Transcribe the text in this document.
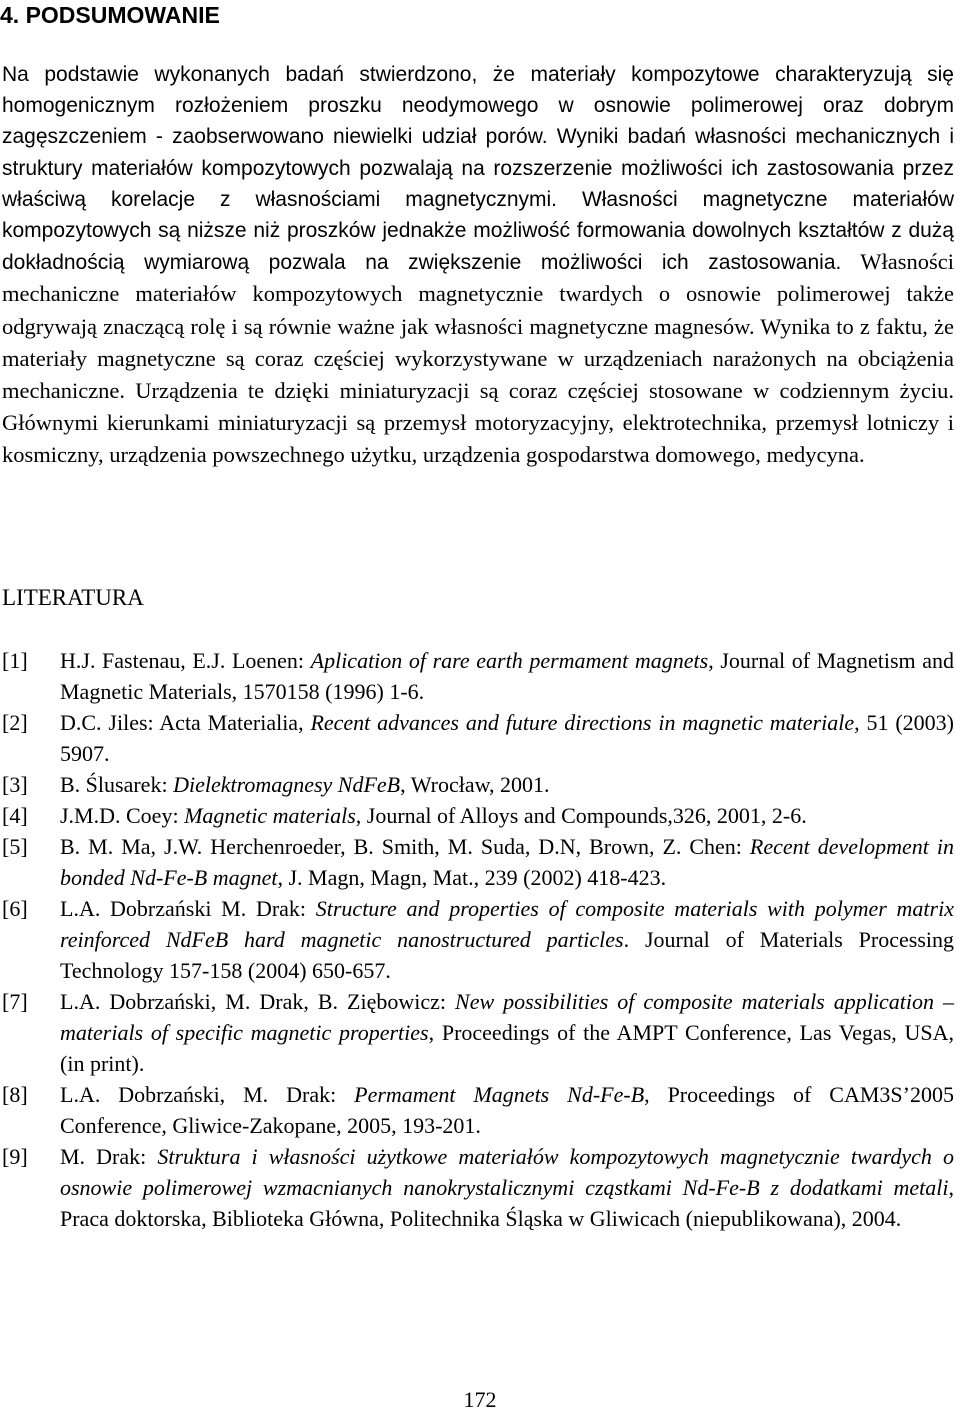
4. PODSUMOWANIE

Na podstawie wykonanych badań stwierdzono, że materiały kompozytowe charakteryzują się homogenicznym rozłożeniem proszku neodymowego w osnowie polimerowej oraz dobrym zagęszczeniem - zaobserwowano niewielki udział porów. Wyniki badań własności mechanicznych i struktury materiałów kompozytowych pozwalają na rozszerzenie możliwości ich zastosowania przez właściwą korelacje z własnościami magnetycznymi. Własności magnetyczne materiałów kompozytowych są niższe niż proszków jednakże możliwość formowania dowolnych kształtów z dużą dokładnością wymiarową pozwala na zwiększenie możliwości ich zastosowania. Własności mechaniczne materiałów kompozytowych magnetycznie twardych o osnowie polimerowej także odgrywają znaczącą rolę i są równie ważne jak własności magnetyczne magnesów. Wynika to z faktu, że materiały magnetyczne są coraz częściej wykorzystywane w urządzeniach narażonych na obciążenia mechaniczne. Urządzenia te dzięki miniaturyzacji są coraz częściej stosowane w codziennym życiu. Głównymi kierunkami miniaturyzacji są przemysł motoryzacyjny, elektrotechnika, przemysł lotniczy i kosmiczny, urządzenia powszechnego użytku, urządzenia gospodarstwa domowego, medycyna.

LITERATURA
[1] H.J. Fastenau, E.J. Loenen: Aplication of rare earth permament magnets, Journal of Magnetism and Magnetic Materials, 1570158 (1996) 1-6.
[2] D.C. Jiles: Acta Materialia, Recent advances and future directions in magnetic materiale, 51 (2003) 5907.
[3] B. Ślusarek: Dielektromagnesy NdFeB, Wrocław, 2001.
[4] J.M.D. Coey: Magnetic materials, Journal of Alloys and Compounds,326, 2001, 2-6.
[5] B. M. Ma, J.W. Herchenroeder, B. Smith, M. Suda, D.N, Brown, Z. Chen: Recent development in bonded Nd-Fe-B magnet, J. Magn, Magn, Mat., 239 (2002) 418-423.
[6] L.A. Dobrzański M. Drak: Structure and properties of composite materials with polymer matrix reinforced NdFeB hard magnetic nanostructured particles. Journal of Materials Processing Technology 157-158 (2004) 650-657.
[7] L.A. Dobrzański, M. Drak, B. Ziębowicz: New possibilities of composite materials application – materials of specific magnetic properties, Proceedings of the AMPT Conference, Las Vegas, USA, (in print).
[8] L.A. Dobrzański, M. Drak: Permament Magnets Nd-Fe-B, Proceedings of CAM3S’2005 Conference, Gliwice-Zakopane, 2005, 193-201.
[9] M. Drak: Struktura i własności użytkowe materiałów kompozytowych magnetycznie twardych o osnowie polimerowej wzmacnianych nanokrystalicznymi cząstkami Nd-Fe-B z dodatkami metali, Praca doktorska, Biblioteka Główna, Politechnika Śląska w Gliwicach (niepublikowana), 2004.
172
